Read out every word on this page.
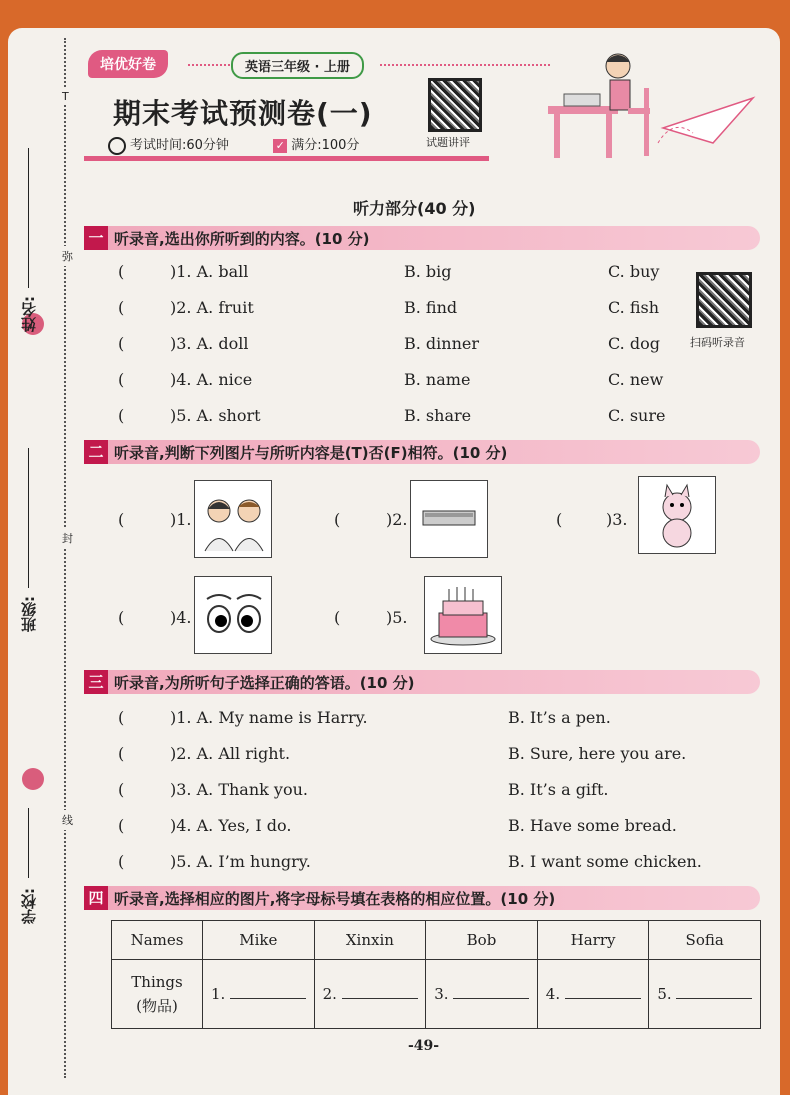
T
姓名:
班级:
学校:
弥
封
线
培优好卷	英语三年级 · 上册
期末考试预测卷(一)
试题讲评
考试时间:60分钟	✓ 满分:100分
听力部分(40 分)
扫码听录音
一 听录音,选出你所听到的内容。(10 分)
(	)1. A. ball	B. big	C. buy
(	)2. A. fruit	B. find	C. fish
(	)3. A. doll	B. dinner	C. dog
(	)4. A. nice	B. name	C. new
(	)5. A. short	B. share	C. sure
二 听录音,判断下列图片与所听内容是(T)否(F)相符。(10 分)
(	)1.	(	)2.	(	)3.
(	)4.	(	)5.
三 听录音,为所听句子选择正确的答语。(10 分)
(	)1. A. My name is Harry.	B. It’s a pen.
(	)2. A. All right.	B. Sure, here you are.
(	)3. A. Thank you.	B. It’s a gift.
(	)4. A. Yes, I do.	B. Have some bread.
(	)5. A. I’m hungry.	B. I want some chicken.
四 听录音,选择相应的图片,将字母标号填在表格的相应位置。(10 分)
Names	Mike	Xinxin	Bob	Harry	Sofia

Things
(物品)	1.	2.	3.	4.	5.
-49-
